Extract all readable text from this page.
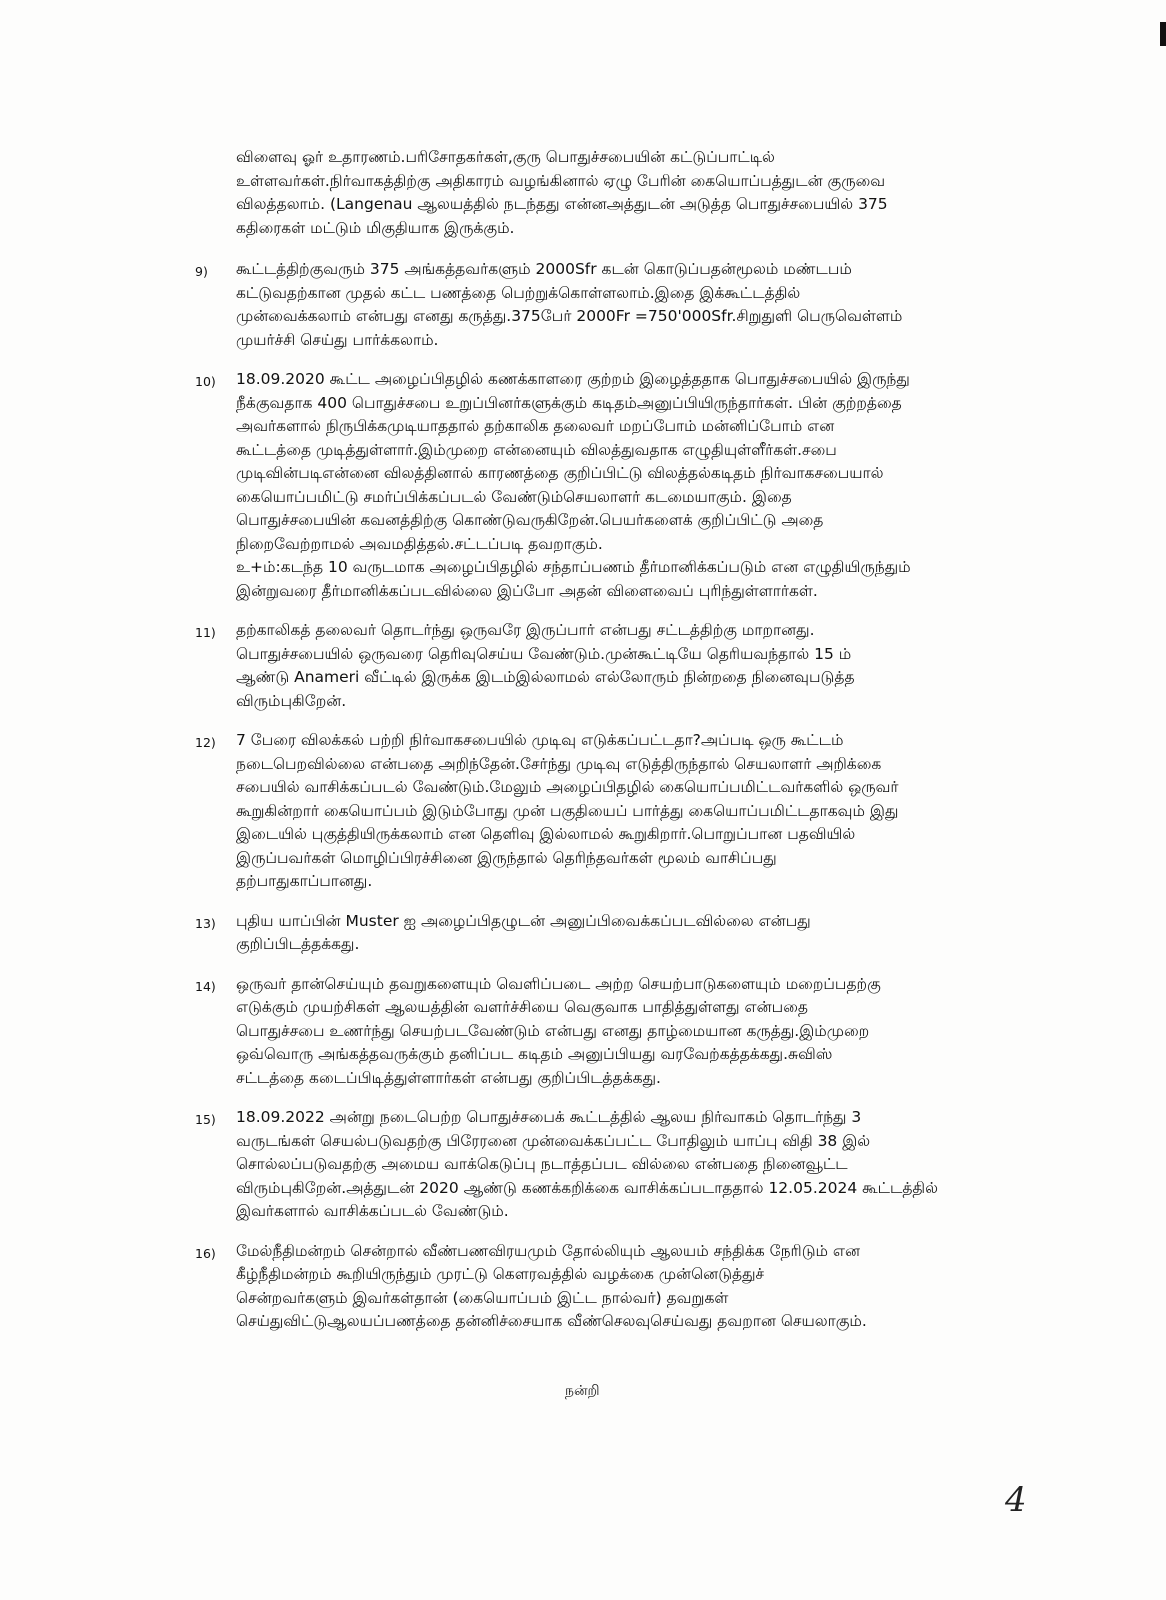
விளைவு ஓர் உதாரணம்.பரிசோதகர்கள்,குரு பொதுச்சபையின் கட்டுப்பாட்டில்
உள்ளவர்கள்.நிர்வாகத்திற்கு அதிகாரம் வழங்கினால் ஏழு பேரின் கையொப்பத்துடன் குருவை
விலத்தலாம். (Langenau ஆலயத்தில் நடந்தது என்னஅத்துடன் அடுத்த பொதுச்சபையில் 375
கதிரைகள் மட்டும் மிகுதியாக இருக்கும்.
9) கூட்டத்திற்குவரும் 375 அங்கத்தவர்களும் 2000Sfr கடன் கொடுப்பதன்மூலம் மண்டபம்
கட்டுவதற்கான முதல் கட்ட பணத்தை பெற்றுக்கொள்ளலாம்.இதை இக்கூட்டத்தில்
முன்வைக்கலாம் என்பது எனது கருத்து.375பேர் 2000Fr =750'000Sfr.சிறுதுளி பெருவெள்ளம்
முயர்ச்சி செய்து பார்க்கலாம்.
10) 18.09.2020 கூட்ட அழைப்பிதழில் கணக்காளரை குற்றம் இழைத்ததாக பொதுச்சபையில் இருந்து
நீக்குவதாக 400 பொதுச்சபை உறுப்பினர்களுக்கும் கடிதம்அனுப்பியிருந்தார்கள். பின் குற்றத்தை
அவர்களால் நிருபிக்கமுடியாததால் தற்காலிக தலைவர் மறப்போம் மன்னிப்போம் என
கூட்டத்தை முடித்துள்ளார்.இம்முறை என்னையும் விலத்துவதாக எழுதியுள்ளீர்கள்.சபை
முடிவின்படிஎன்னை விலத்தினால் காரணத்தை குறிப்பிட்டு விலத்தல்கடிதம் நிர்வாகசபையால்
கையொப்பமிட்டு சமர்ப்பிக்கப்படல் வேண்டும்செயலாளர் கடமையாகும். இதை
பொதுச்சபையின் கவனத்திற்கு கொண்டுவருகிறேன்.பெயர்களைக் குறிப்பிட்டு அதை
நிறைவேற்றாமல் அவமதித்தல்.சட்டப்படி தவறாகும்.
உ+ம்:கடந்த 10 வருடமாக அழைப்பிதழில் சந்தாப்பணம் தீர்மானிக்கப்படும் என எழுதியிருந்தும்
இன்றுவரை தீர்மானிக்கப்படவில்லை இப்போ அதன் விளைவைப் புரிந்துள்ளார்கள்.
11) தற்காலிகத் தலைவர் தொடர்ந்து ஒருவரே இருப்பார் என்பது சட்டத்திற்கு மாறானது.
பொதுச்சபையில் ஒருவரை தெரிவுசெய்ய வேண்டும்.முன்கூட்டியே தெரியவந்தால் 15 ம்
ஆண்டு Anameri வீட்டில் இருக்க இடம்இல்லாமல் எல்லோரும் நின்றதை நினைவுபடுத்த
விரும்புகிறேன்.
12) 7 பேரை விலக்கல் பற்றி நிர்வாகசபையில் முடிவு எடுக்கப்பட்டதா?அப்படி ஒரு கூட்டம்
நடைபெறவில்லை என்பதை அறிந்தேன்.சேர்ந்து முடிவு எடுத்திருந்தால் செயலாளர் அறிக்கை
சபையில் வாசிக்கப்படல் வேண்டும்.மேலும் அழைப்பிதழில் கையொப்பமிட்டவர்களில் ஒருவர்
கூறுகின்றார் கையொப்பம் இடும்போது முன் பகுதியைப் பார்த்து கையொப்பமிட்டதாகவும் இது
இடையில் புகுத்தியிருக்கலாம் என தெளிவு இல்லாமல் கூறுகிறார்.பொறுப்பான பதவியில்
இருப்பவர்கள் மொழிப்பிரச்சினை இருந்தால் தெரிந்தவர்கள் மூலம் வாசிப்பது
தற்பாதுகாப்பானது.
13) புதிய யாப்பின் Muster ஐ அழைப்பிதழுடன் அனுப்பிவைக்கப்படவில்லை என்பது
குறிப்பிடத்தக்கது.
14) ஒருவர் தான்செய்யும் தவறுகளையும் வெளிப்படை அற்ற செயற்பாடுகளையும் மறைப்பதற்கு
எடுக்கும் முயற்சிகள் ஆலயத்தின் வளர்ச்சியை வெகுவாக பாதித்துள்ளது என்பதை
பொதுச்சபை உணர்ந்து செயற்படவேண்டும் என்பது எனது தாழ்மையான கருத்து.இம்முறை
ஒவ்வொரு அங்கத்தவருக்கும் தனிப்பட கடிதம் அனுப்பியது வரவேற்கத்தக்கது.சுவிஸ்
சட்டத்தை கடைப்பிடித்துள்ளார்கள் என்பது குறிப்பிடத்தக்கது.
15) 18.09.2022 அன்று நடைபெற்ற பொதுச்சபைக் கூட்டத்தில் ஆலய நிர்வாகம் தொடர்ந்து 3
வருடங்கள் செயல்படுவதற்கு பிரேரனை முன்வைக்கப்பட்ட போதிலும் யாப்பு விதி 38 இல்
சொல்லப்படுவதற்கு அமைய வாக்கெடுப்பு நடாத்தப்பட வில்லை என்பதை நினைவூட்ட
விரும்புகிறேன்.அத்துடன் 2020 ஆண்டு கணக்கறிக்கை வாசிக்கப்படாததால் 12.05.2024 கூட்டத்தில்
இவர்களால் வாசிக்கப்படல் வேண்டும்.
16) மேல்நீதிமன்றம் சென்றால் வீண்பணவிரயமும் தோல்லியும் ஆலயம் சந்திக்க நேரிடும் என
கீழ்நீதிமன்றம் கூறியிருந்தும் முரட்டு கௌரவத்தில் வழக்கை முன்னெடுத்துச்
சென்றவர்களும் இவர்கள்தான் (கையொப்பம் இட்ட நால்வர்) தவறுகள்
செய்துவிட்டுஆலயப்பணத்தை தன்னிச்சையாக வீண்செலவுசெய்வது தவறான செயலாகும்.
நன்றி
4
